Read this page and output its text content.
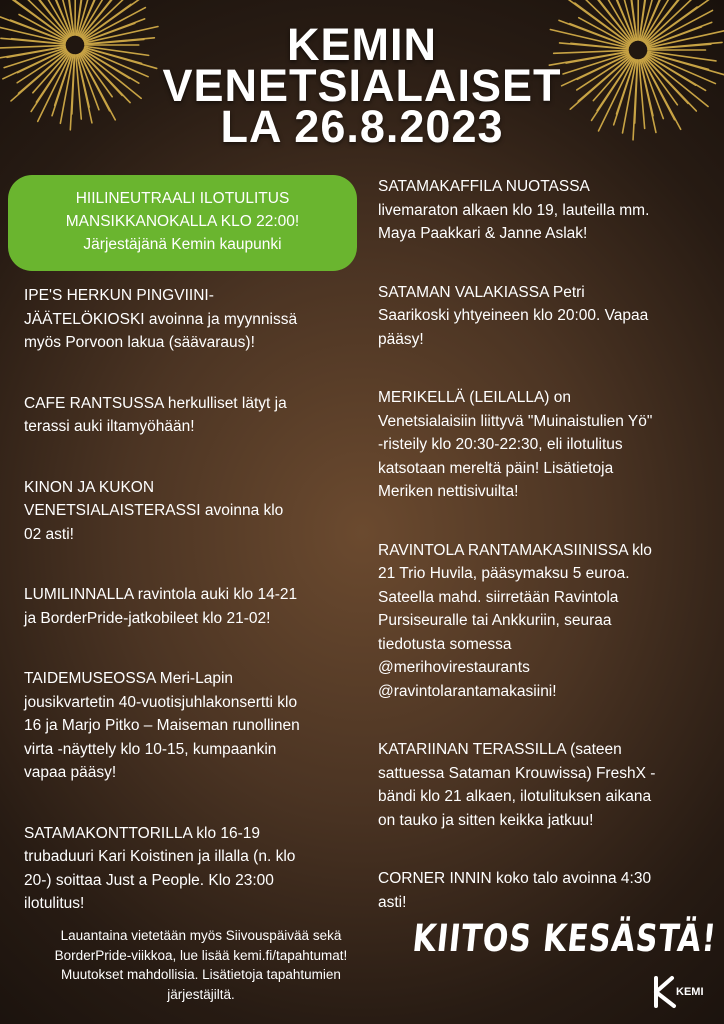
KEMIN
VENETSIALAISET
LA 26.8.2023
HIILINEUTRAALI ILOTULITUS
MANSIKKANOKALLA KLO 22:00!
Järjestäjänä Kemin kaupunki
IPE'S HERKUN PINGVIINI-
JÄÄTELÖKIOSKI avoinna ja myynnissä
myös Porvoon lakua (säävaraus)!
CAFE RANTSUSSA herkulliset lätyt ja
terassi auki iltamyöhään!
KINON JA KUKON
VENETSIALAISTERASSI avoinna klo
02 asti!
LUMILINNALLA ravintola auki klo 14-21
ja BorderPride-jatkobileet klo 21-02!
TAIDEMUSEOSSA Meri-Lapin
jousikvartetin 40-vuotisjuhlakonsertti klo
16 ja Marjo Pitko – Maiseman runollinen
virta -näyttely klo 10-15, kumpaankin
vapaa pääsy!
SATAMAKONTTORILLA klo 16-19
trubaduuri Kari Koistinen ja illalla (n. klo
20-) soittaa Just a People. Klo 23:00
ilotulitus!
SATAMAKAFFILA NUOTASSA
livemaraton alkaen klo 19, lauteilla mm.
Maya Paakkari & Janne Aslak!
SATAMAN VALAKIASSA Petri
Saarikoski yhtyeineen klo 20:00. Vapaa
pääsy!
MERIKELLÄ (LEILALLA) on
Venetsialaisiin liittyvä "Muinaistulien Yö"
-risteily klo 20:30-22:30, eli ilotulitus
katsotaan mereltä päin! Lisätietoja
Meriken nettisivuilta!
RAVINTOLA RANTAMAKASIINISSA klo
21 Trio Huvila, pääsymaksu 5 euroa.
Sateella mahd. siirretään Ravintola
Pursiseuralle tai Ankkuriin, seuraa
tiedotusta somessa
@merihovirestaurants
@ravintolarantamakasiini!
KATARIINAN TERASSILLA (sateen
sattuessa Sataman Krouwissa) FreshX -
bändi klo 21 alkaen, ilotulituksen aikana
on tauko ja sitten keikka jatkuu!
CORNER INNIN koko talo avoinna 4:30
asti!
Lauantaina vietetään myös Siivouspäivää sekä
BorderPride-viikkoa, lue lisää kemi.fi/tapahtumat!
Muutokset mahdollisia. Lisätietoja tapahtumien
järjestäjiltä.
KIITOS KESÄSTÄ!
KEMI
